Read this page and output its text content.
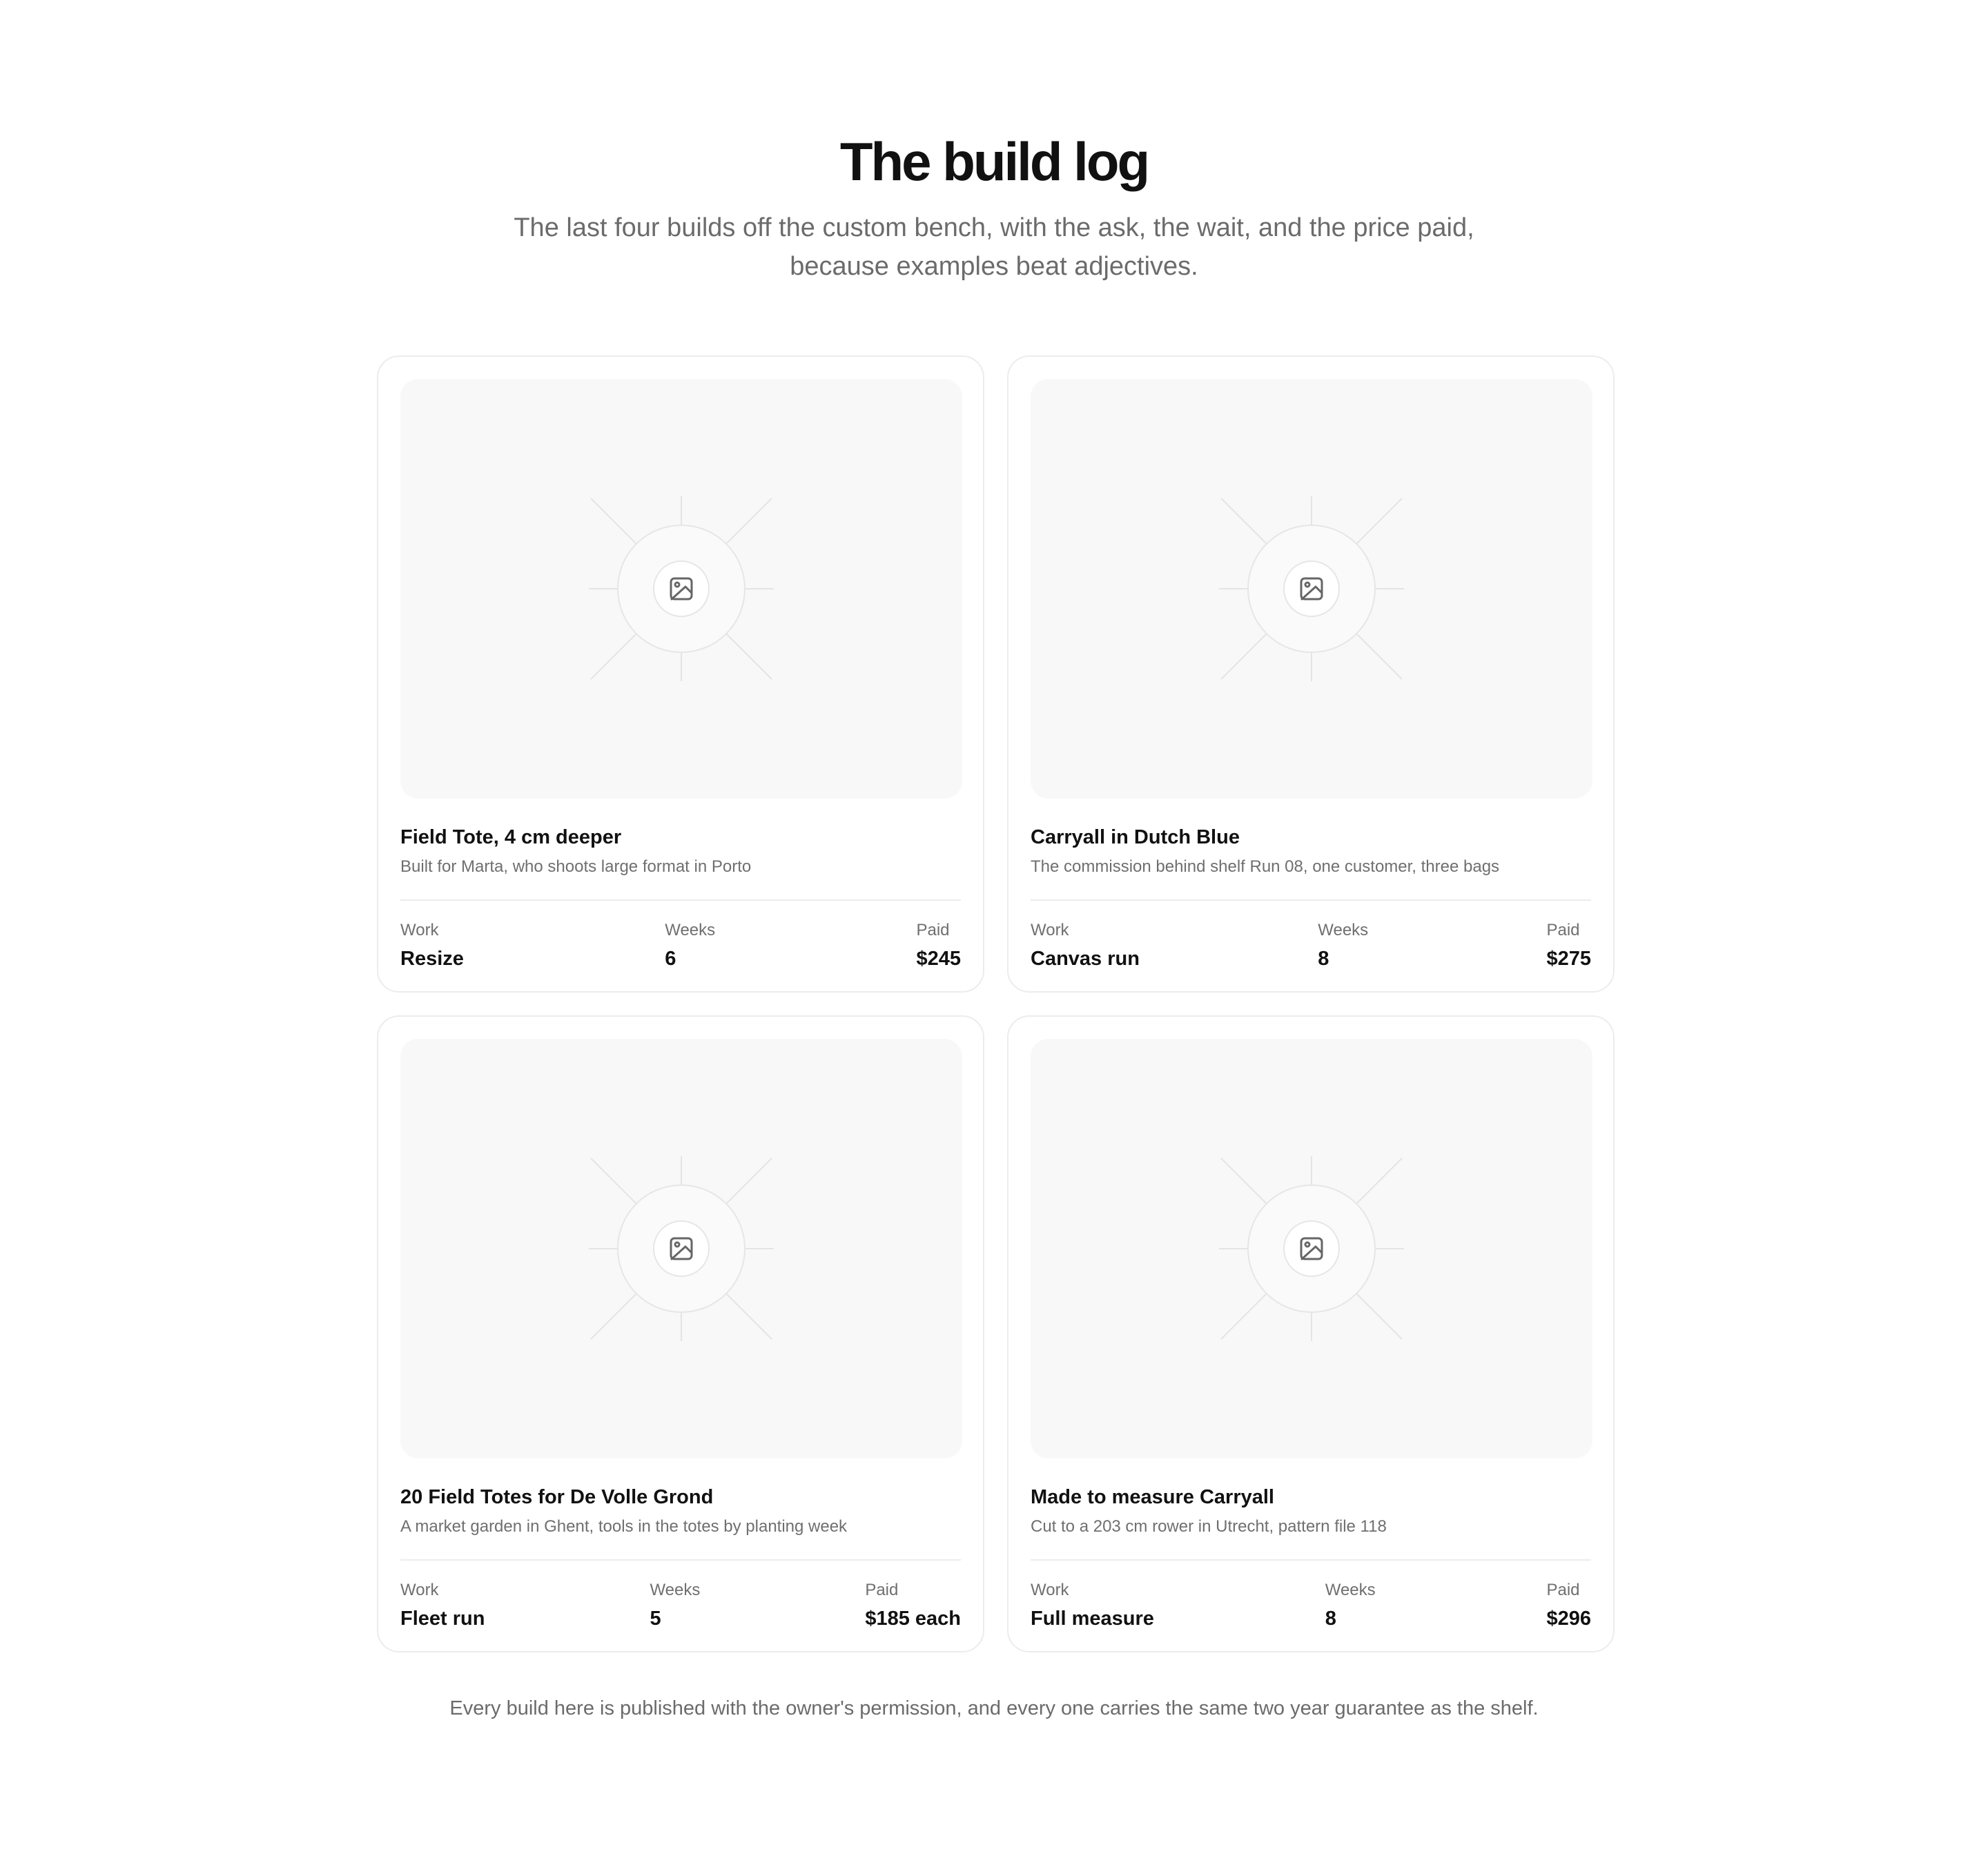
The build log

The last four builds off the custom bench, with the ask, the wait, and the price paid, because examples beat adjectives.

Field Tote, 4 cm deeper
Built for Marta, who shoots large format in Porto
Work
Resize
Weeks
6
Paid
$245
Carryall in Dutch Blue
The commission behind shelf Run 08, one customer, three bags
Work
Canvas run
Weeks
8
Paid
$275
20 Field Totes for De Volle Grond
A market garden in Ghent, tools in the totes by planting week
Work
Fleet run
Weeks
5
Paid
$185 each
Made to measure Carryall
Cut to a 203 cm rower in Utrecht, pattern file 118
Work
Full measure
Weeks
8
Paid
$296
Every build here is published with the owner's permission, and every one carries the same two year guarantee as the shelf.
